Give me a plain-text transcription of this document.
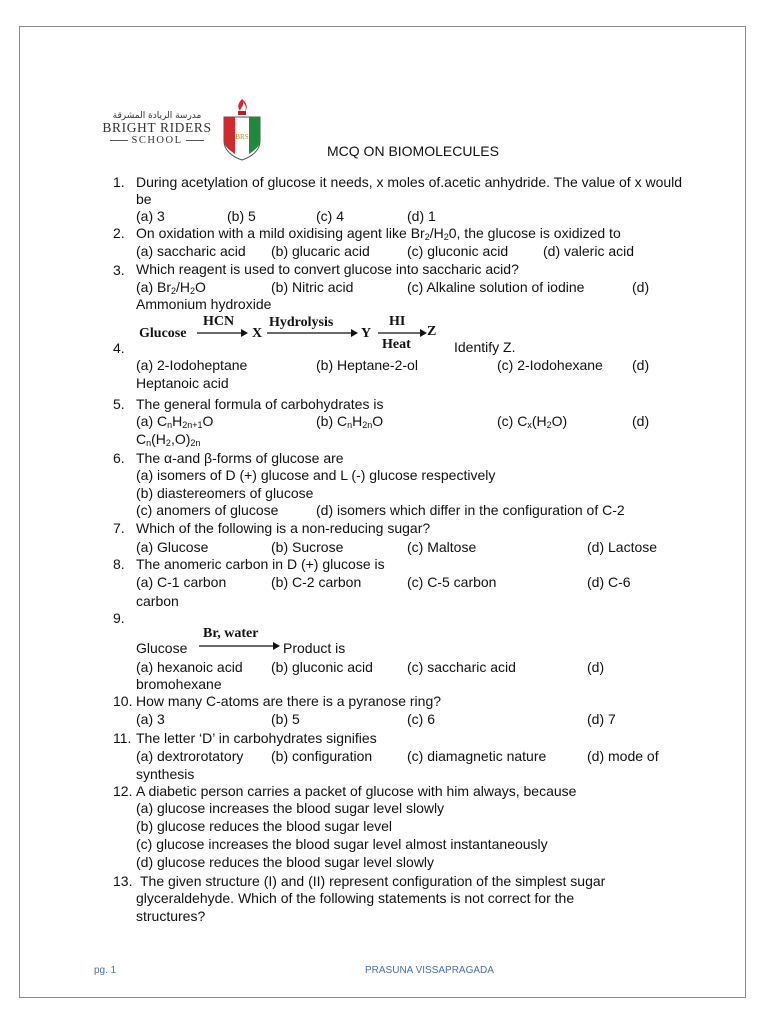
مدرسة الريادة المشرقة
BRIGHT RIDERS
SCHOOL	BRS
MCQ ON BIOMOLECULES
1. During acetylation of glucose it needs, x moles of.acetic anhydride. The value of x would
be
(a) 3	(b) 5	(c) 4	(d) 1
2. On oxidation with a mild oxidising agent like $Br_2/H_20$, the glucose is oxidized to
(a) saccharic acid (b) glucaric acid	(c) gluconic acid (d) valeric acid
3. Which reagent is used to convert glucose into saccharic acid?
(a) $Br_2/H_2O$	(b) Nitric acid	(c) Alkaline solution of iodine	(d)
Ammonium hydroxide
4.
Glucose
HCN
X
Hydrolysis
Y
HI
Heat
Z
Identify Z.
(a) 2-Iodoheptane	(b) Heptane-2-ol	(c) 2-Iodohexane (d)
Heptanoic acid
5. The general formula of carbohydrates is
(a) $C_nH_{2n+1}O$	(b) $C_nH_{2n}O$	(c) $C_x(H_2O)$	(d)
$C_n(H_2,O)_{2n}$
6. The α-and β-forms of glucose are
(a) isomers of D (+) glucose and L (-) glucose respectively
(b) diastereomers of glucose
(c) anomers of glucose	(d) isomers which differ in the configuration of C-2
7. Which of the following is a non-reducing sugar?
(a) Glucose	(b) Sucrose	(c) Maltose	(d) Lactose
8. The anomeric carbon in D (+) glucose is
(a) C-1 carbon	(b) C-2 carbon	(c) C-5 carbon	(d) C-6
carbon
9.
Br, water
Glucose	Product is
(a) hexanoic acid (b) gluconic acid (c) saccharic acid	(d)
bromohexane
10. How many C-atoms are there is a pyranose ring?
(a) 3	(b) 5	(c) 6	(d) 7
11. The letter ‘D’ in carbohydrates signifies
(a) dextrorotatory (b) configuration (c) diamagnetic nature	(d) mode of
synthesis
12. A diabetic person carries a packet of glucose with him always, because
(a) glucose increases the blood sugar level slowly
(b) glucose reduces the blood sugar level
(c) glucose increases the blood sugar level almost instantaneously
(d) glucose reduces the blood sugar level slowly
13. The given structure (I) and (II) represent configuration of the simplest sugar
glyceraldehyde. Which of the following statements is not correct for the
structures?
pg. 1	PRASUNA VISSAPRAGADA
